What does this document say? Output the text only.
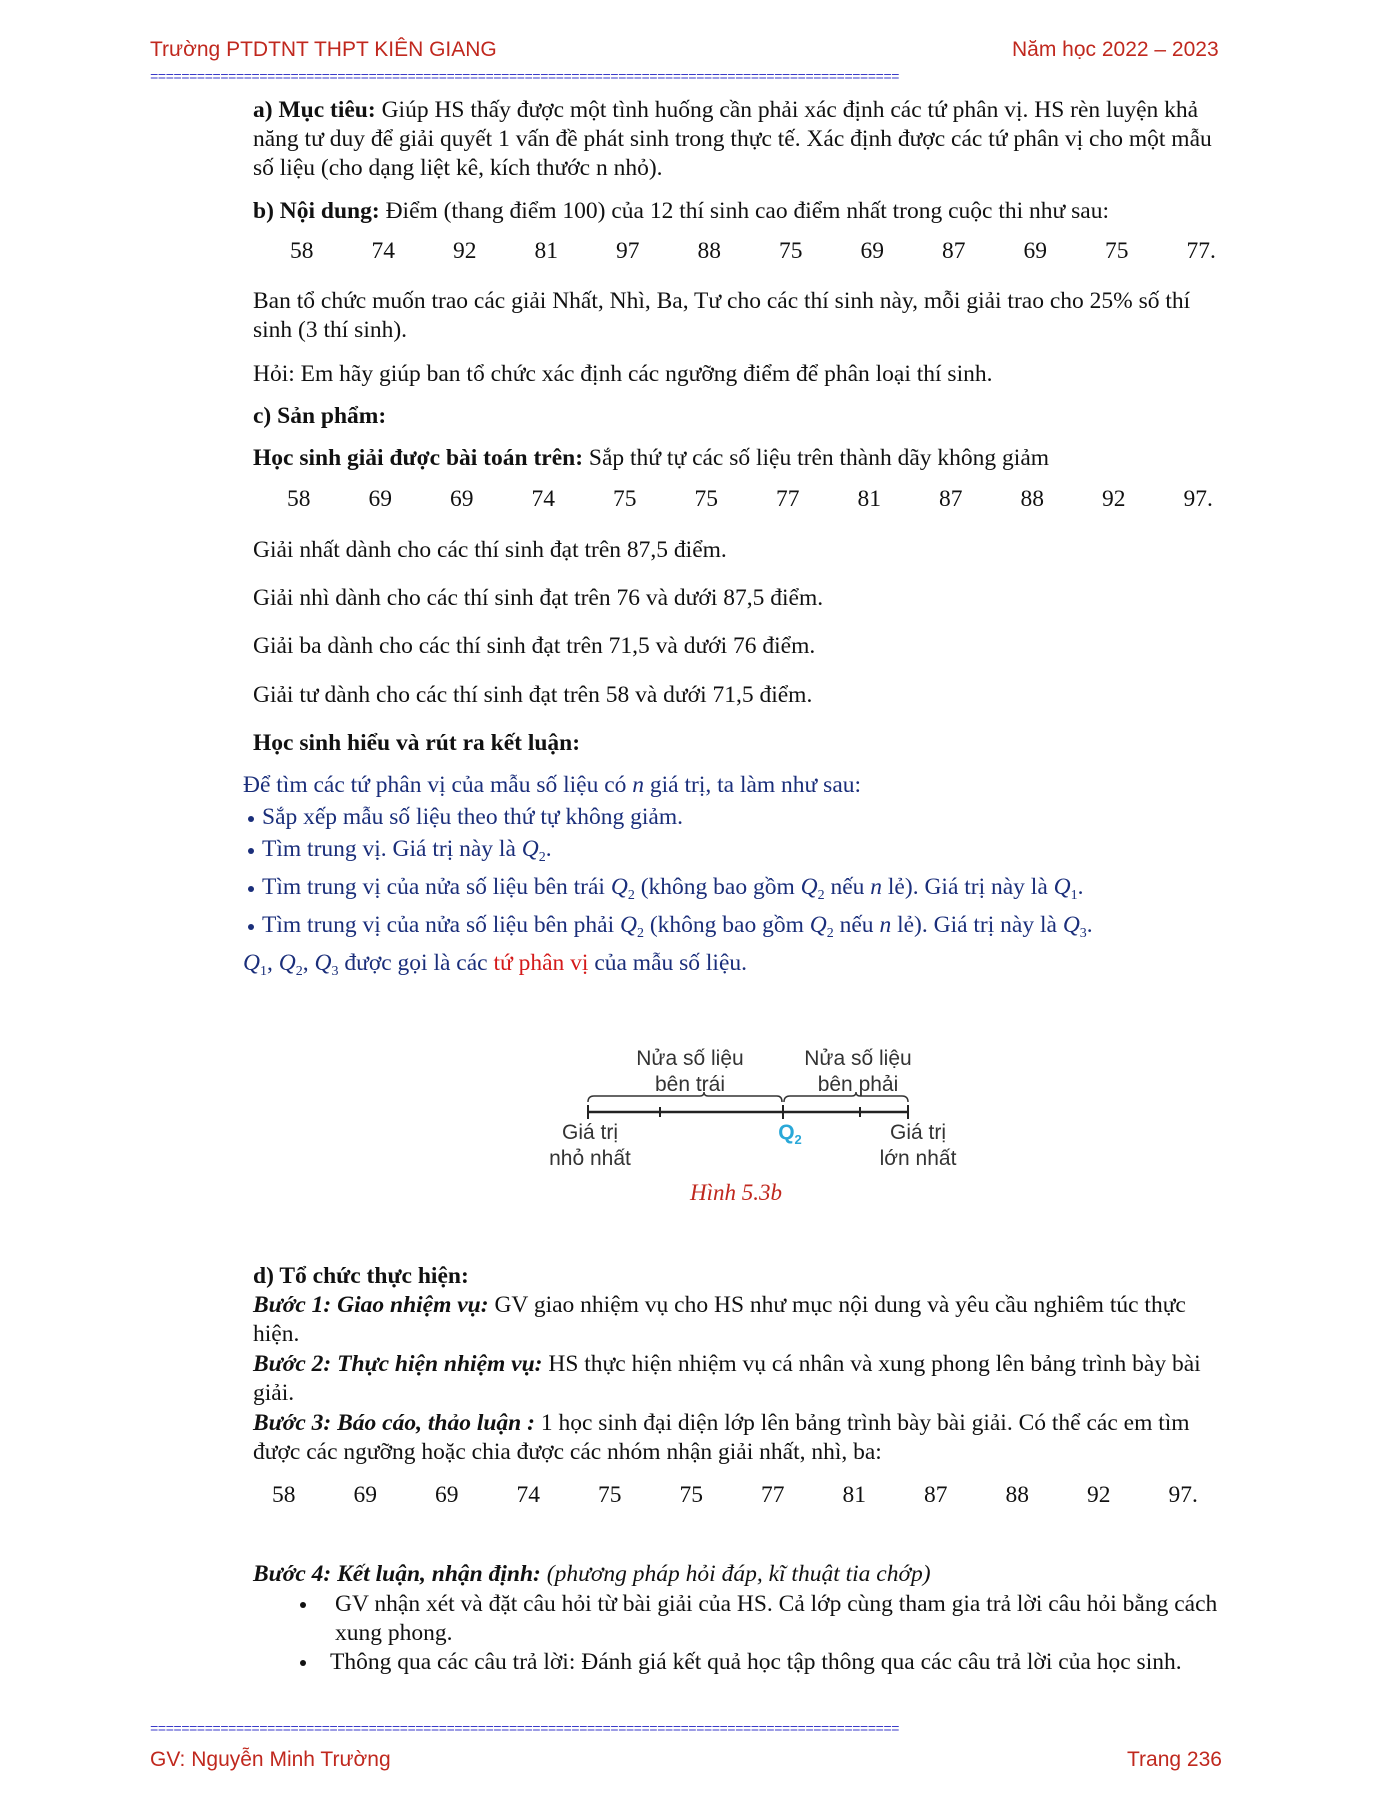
Trường PTDTNT THPT KIÊN GIANG	Năm học 2022 – 2023
================================================================================================
a) Mục tiêu: Giúp HS thấy được một tình huống cần phải xác định các tứ phân vị. HS rèn luyện khả năng tư duy để giải quyết 1 vấn đề phát sinh trong thực tế. Xác định được các tứ phân vị cho một mẫu số liệu (cho dạng liệt kê, kích thước n nhỏ).
b) Nội dung: Điểm (thang điểm 100) của 12 thí sinh cao điểm nhất trong cuộc thi như sau:
58 74 92 81 97 88 75 69 87 69 75 77.
Ban tổ chức muốn trao các giải Nhất, Nhì, Ba, Tư cho các thí sinh này, mỗi giải trao cho 25% số thí sinh (3 thí sinh).
Hỏi: Em hãy giúp ban tổ chức xác định các ngưỡng điểm để phân loại thí sinh.
c) Sản phẩm:
Học sinh giải được bài toán trên: Sắp thứ tự các số liệu trên thành dãy không giảm
58 69 69 74 75 75 77 81 87 88 92 97.
Giải nhất dành cho các thí sinh đạt trên 87,5 điểm.
Giải nhì dành cho các thí sinh đạt trên 76 và dưới 87,5 điểm.
Giải ba dành cho các thí sinh đạt trên 71,5 và dưới 76 điểm.
Giải tư dành cho các thí sinh đạt trên 58 và dưới 71,5 điểm.
Học sinh hiểu và rút ra kết luận:
Để tìm các tứ phân vị của mẫu số liệu có n giá trị, ta làm như sau:
Sắp xếp mẫu số liệu theo thứ tự không giảm.
Tìm trung vị. Giá trị này là $Q_2$.
Tìm trung vị của nửa số liệu bên trái $Q_2$ (không bao gồm $Q_2$ nếu n lẻ). Giá trị này là $Q_1$.
Tìm trung vị của nửa số liệu bên phải $Q_2$ (không bao gồm $Q_2$ nếu n lẻ). Giá trị này là $Q_3$.
$Q_1$, $Q_2$, $Q_3$ được gọi là các tứ phân vị của mẫu số liệu.
Nửa số liệu
bên trái
Nửa số liệu
bên phải
Giá trị
nhỏ nhất
$Q_2$	Giá trị
lớn nhất
Hình 5.3b
d) Tổ chức thực hiện:
Bước 1: Giao nhiệm vụ: GV giao nhiệm vụ cho HS như mục nội dung và yêu cầu nghiêm túc thực hiện.
Bước 2: Thực hiện nhiệm vụ: HS thực hiện nhiệm vụ cá nhân và xung phong lên bảng trình bày bài giải.
Bước 3: Báo cáo, thảo luận : 1 học sinh đại diện lớp lên bảng trình bày bài giải. Có thể các em tìm được các ngưỡng hoặc chia được các nhóm nhận giải nhất, nhì, ba:
58 69 69 74 75 75 77 81 87 88 92 97.
Bước 4: Kết luận, nhận định: (phương pháp hỏi đáp, kĩ thuật tia chớp)
GV nhận xét và đặt câu hỏi từ bài giải của HS. Cả lớp cùng tham gia trả lời câu hỏi bằng cách xung phong.
Thông qua các câu trả lời: Đánh giá kết quả học tập thông qua các câu trả lời của học sinh.
================================================================================================
GV: Nguyễn Minh Trường	Trang 236
